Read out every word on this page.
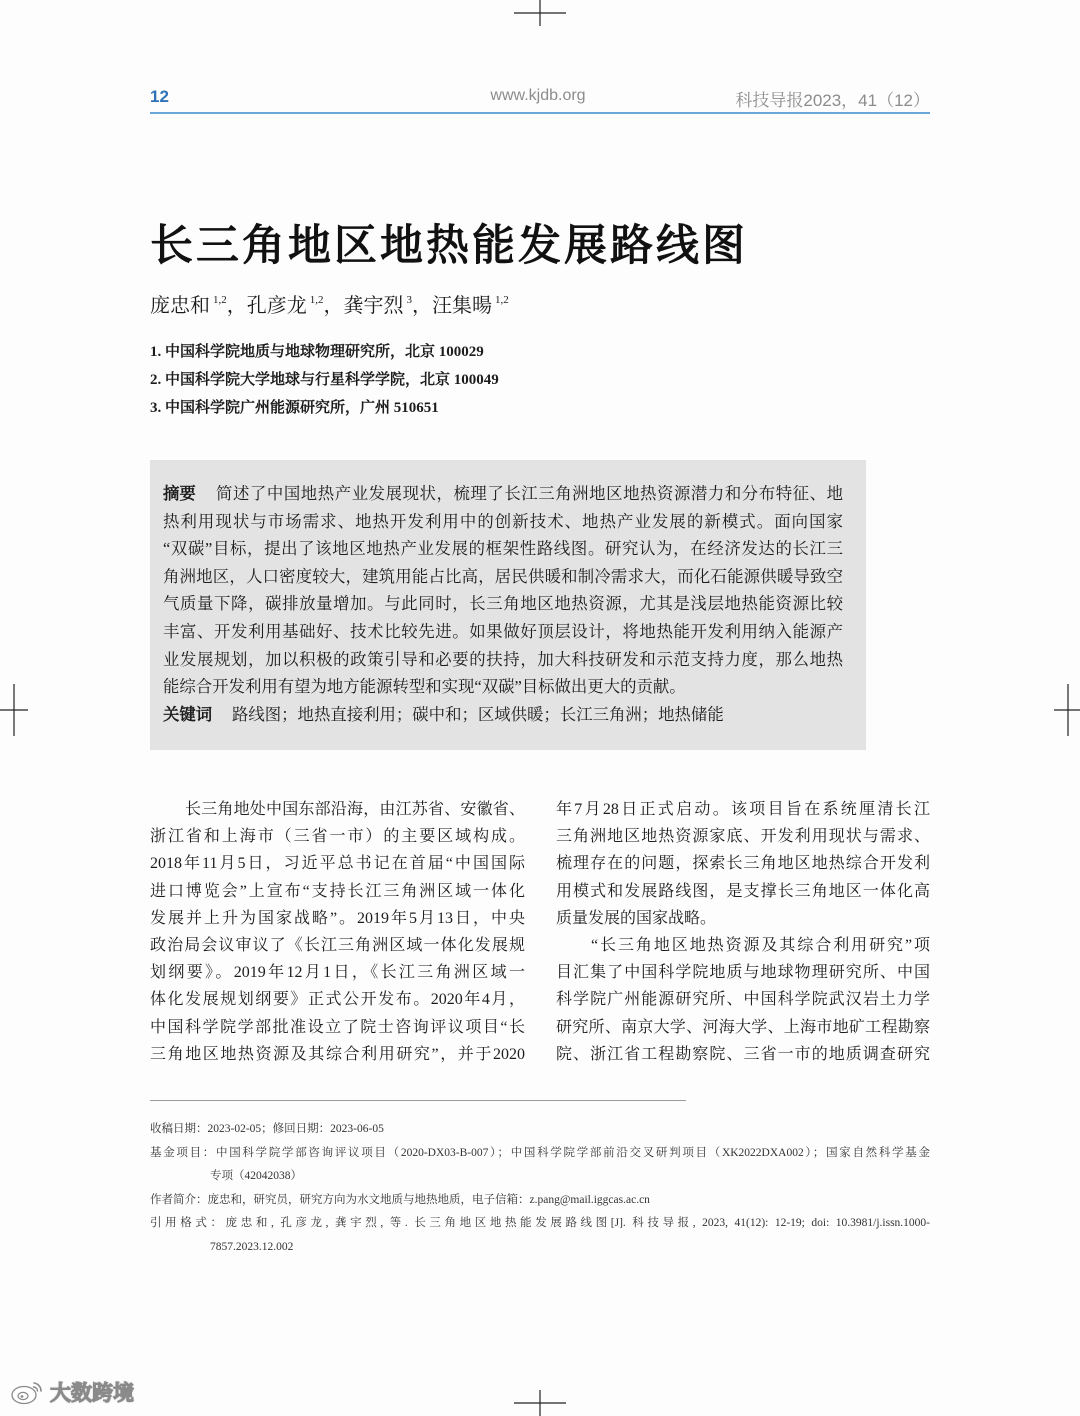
12	www.kjdb.org	科技导报2023，41（12）
长三角地区地热能发展路线图
庞忠和 1,2 ， 孔彦龙 1,2 ， 龚宇烈 3 ， 汪集暘 1,2
1. 中国科学院地质与地球物理研究所，北京 100029
2. 中国科学院大学地球与行星科学学院，北京 100049
3. 中国科学院广州能源研究所，广州 510651
摘要	简述了中国地热产业发展现状，梳理了长江三角洲地区地热资源潜力和分布特征、地
热利用现状与市场需求、地热开发利用中的创新技术、地热产业发展的新模式。面向国家
“双碳”目标，提出了该地区地热产业发展的框架性路线图。研究认为，在经济发达的长江三
角洲地区，人口密度较大，建筑用能占比高，居民供暖和制冷需求大，而化石能源供暖导致空
气质量下降，碳排放量增加。与此同时，长三角地区地热资源，尤其是浅层地热能资源比较
丰富、开发利用基础好、技术比较先进。如果做好顶层设计，将地热能开发利用纳入能源产
业发展规划，加以积极的政策引导和必要的扶持，加大科技研发和示范支持力度，那么地热
能综合开发利用有望为地方能源转型和实现“双碳”目标做出更大的贡献。
关键词	路线图；地热直接利用；碳中和；区域供暖；长江三角洲；地热储能
长三角地处中国东部沿海，由江苏省、安徽省、
浙江省和上海市（三省一市）的主要区域构成。
2018年11月5日，习近平总书记在首届“中国国际
进口博览会”上宣布“支持长江三角洲区域一体化
发展并上升为国家战略”。2019年5月13日，中央
政治局会议审议了《长江三角洲区域一体化发展规
划纲要》。2019年12月1日，《长江三角洲区域一
体化发展规划纲要》正式公开发布。2020年4月，
中国科学院学部批准设立了院士咨询评议项目“长
三角地区地热资源及其综合利用研究”，并于2020
年7月28日正式启动。该项目旨在系统厘清长江
三角洲地区地热资源家底、开发利用现状与需求、
梳理存在的问题，探索长三角地区地热综合开发利
用模式和发展路线图，是支撑长三角地区一体化高
质量发展的国家战略。
“长三角地区地热资源及其综合利用研究”项
目汇集了中国科学院地质与地球物理研究所、中国
科学院广州能源研究所、中国科学院武汉岩土力学
研究所、南京大学、河海大学、上海市地矿工程勘察
院、浙江省工程勘察院、三省一市的地质调查研究
收稿日期：2023-02-05；修回日期：2023-06-05
基金项目：中国科学院学部咨询评议项目（2020-DX03-B-007）；中国科学院学部前沿交叉研判项目（XK2022DXA002）；国家自然科学基金
专项（42042038）
作者简介：庞忠和，研究员，研究方向为水文地质与地热地质，电子信箱：z.pang@mail.iggcas.ac.cn
引用格式：庞忠和, 孔彦龙, 龚宇烈, 等. 长三角地区地热能发展路线图[J]. 科技导报, 2023, 41(12): 12-19; doi: 10.3981/j.issn.1000-
7857.2023.12.002
大数跨境
